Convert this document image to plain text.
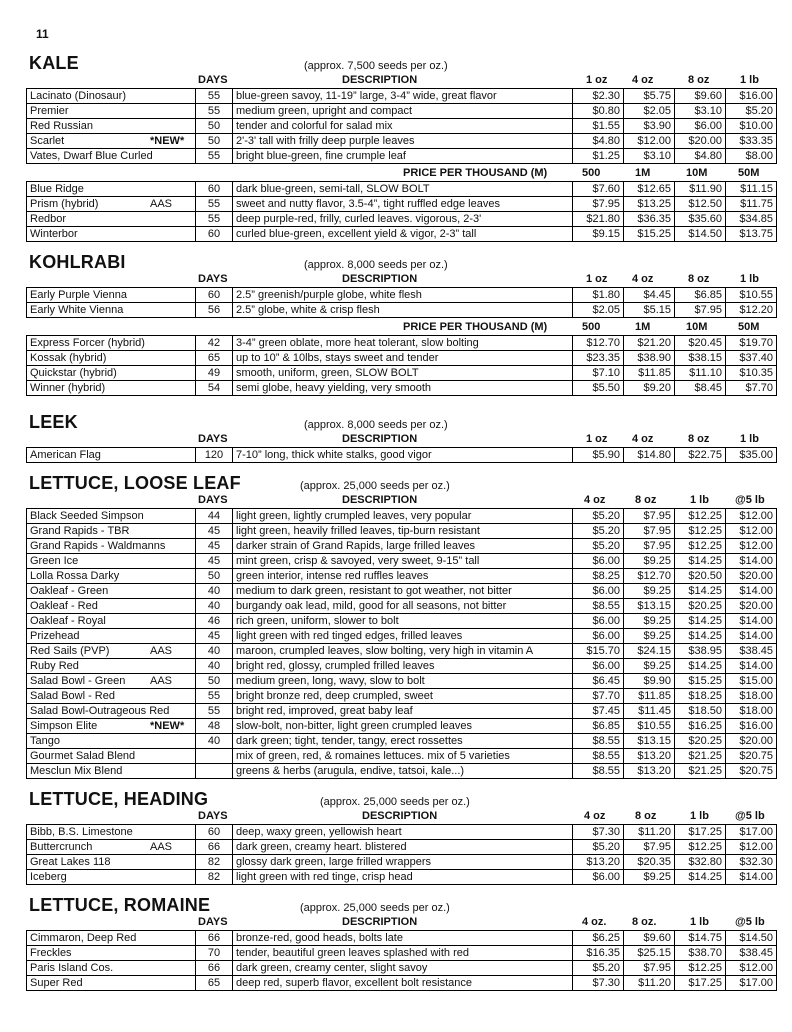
11
KALE	(approx. 7,500 seeds per oz.)
DAYS	DESCRIPTION	1 oz 4 oz	8 oz	1 lb
Lacinato (Dinosaur)	55	blue-green savoy, 11-19” large, 3-4” wide, great flavor	$2.30	$5.75	$9.60	$16.00
Premier	55	medium green, upright and compact	$0.80	$2.05	$3.10	$5.20
Red Russian	50	tender and colorful for salad mix	$1.55	$3.90	$6.00	$10.00
Scarlet *NEW*	50	2'-3' tall with frilly deep purple leaves	$4.80	$12.00	$20.00	$33.35
Vates, Dwarf Blue Curled	55	bright blue-green, fine crumple leaf	$1.25	$3.10	$4.80	$8.00
PRICE PER THOUSAND (M)	500	1M	10M	50M
Blue Ridge	60	dark blue-green, semi-tall, SLOW BOLT	$7.60	$12.65	$11.90	$11.15
Prism (hybrid) AAS	55	sweet and nutty flavor, 3.5-4”, tight ruffled edge leaves	$7.95	$13.25	$12.50	$11.75
Redbor	55	deep purple-red, frilly, curled leaves. vigorous, 2-3'	$21.80	$36.35	$35.60	$34.85
Winterbor	60	curled blue-green, excellent yield & vigor, 2-3” tall	$9.15	$15.25	$14.50	$13.75
KOHLRABI	(approx. 8,000 seeds per oz.)
DAYS	DESCRIPTION	1 oz 4 oz	8 oz	1 lb
Early Purple Vienna	60	2.5” greenish/purple globe, white flesh	$1.80	$4.45	$6.85	$10.55
Early White Vienna	56	2.5” globe, white & crisp flesh	$2.05	$5.15	$7.95	$12.20
PRICE PER THOUSAND (M)	500	1M	10M	50M
Express Forcer (hybrid)	42	3-4” green oblate, more heat tolerant, slow bolting	$12.70	$21.20	$20.45	$19.70
Kossak (hybrid)	65	up to 10” & 10lbs, stays sweet and tender	$23.35	$38.90	$38.15	$37.40
Quickstar (hybrid)	49	smooth, uniform, green, SLOW BOLT	$7.10	$11.85	$11.10	$10.35
Winner (hybrid)	54	semi globe, heavy yielding, very smooth	$5.50	$9.20	$8.45	$7.70
LEEK	(approx. 8,000 seeds per oz.)
DAYS	DESCRIPTION	1 oz 4 oz	8 oz	1 lb
American Flag	120	7-10” long, thick white stalks, good vigor	$5.90	$14.80	$22.75	$35.00
LETTUCE, LOOSE LEAF	(approx. 25,000 seeds per oz.)
DAYS	DESCRIPTION	4 oz	8 oz	1 lb @5 lb
Black Seeded Simpson	44	light green, lightly crumpled leaves, very popular	$5.20	$7.95	$12.25	$12.00
Grand Rapids - TBR	45	light green, heavily frilled leaves, tip-burn resistant	$5.20	$7.95	$12.25	$12.00
Grand Rapids - Waldmanns	45	darker strain of Grand Rapids, large frilled leaves	$5.20	$7.95	$12.25	$12.00
Green Ice	45	mint green, crisp & savoyed, very sweet, 9-15” tall	$6.00	$9.25	$14.25	$14.00
Lolla Rossa Darky	50	green interior, intense red ruffles leaves	$8.25	$12.70	$20.50	$20.00
Oakleaf - Green	40	medium to dark green, resistant to got weather, not bitter	$6.00	$9.25	$14.25	$14.00
Oakleaf - Red	40	burgandy oak lead, mild, good for all seasons, not bitter	$8.55	$13.15	$20.25	$20.00
Oakleaf - Royal	46	rich green, uniform, slower to bolt	$6.00	$9.25	$14.25	$14.00
Prizehead	45	light green with red tinged edges, frilled leaves	$6.00	$9.25	$14.25	$14.00
Red Sails (PVP) AAS	40	maroon, crumpled leaves, slow bolting, very high in vitamin A	$15.70	$24.15	$38.95	$38.45
Ruby Red	40	bright red, glossy, crumpled frilled leaves	$6.00	$9.25	$14.25	$14.00
Salad Bowl - Green AAS	50	medium green, long, wavy, slow to bolt	$6.45	$9.90	$15.25	$15.00
Salad Bowl - Red	55	bright bronze red, deep crumpled, sweet	$7.70	$11.85	$18.25	$18.00
Salad Bowl-Outrageous Red	55	bright red, improved, great baby leaf	$7.45	$11.45	$18.50	$18.00
Simpson Elite *NEW*	48	slow-bolt, non-bitter, light green crumpled leaves	$6.85	$10.55	$16.25	$16.00
Tango	40	dark green; tight, tender, tangy, erect rossettes	$8.55	$13.15	$20.25	$20.00
Gourmet Salad Blend		mix of green, red, & romaines lettuces. mix of 5 varieties	$8.55	$13.20	$21.25	$20.75
Mesclun Mix Blend		greens & herbs (arugula, endive, tatsoi, kale...)	$8.55	$13.20	$21.25	$20.75
LETTUCE, HEADING	(approx. 25,000 seeds per oz.)
DAYS	DESCRIPTION	4 oz	8 oz	1 lb @5 lb
Bibb, B.S. Limestone	60	deep, waxy green, yellowish heart	$7.30	$11.20	$17.25	$17.00
Buttercrunch AAS	66	dark green, creamy heart. blistered	$5.20	$7.95	$12.25	$12.00
Great Lakes 118	82	glossy dark green, large frilled wrappers	$13.20	$20.35	$32.80	$32.30
Iceberg	82	light green with red tinge, crisp head	$6.00	$9.25	$14.25	$14.00
LETTUCE, ROMAINE	(approx. 25,000 seeds per oz.)
DAYS	DESCRIPTION	4 oz. 8 oz.	1 lb @5 lb
Cimmaron, Deep Red	66	bronze-red, good heads, bolts late	$6.25	$9.60	$14.75	$14.50
Freckles	70	tender, beautiful green leaves splashed with red	$16.35	$25.15	$38.70	$38.45
Paris Island Cos.	66	dark green, creamy center, slight savoy	$5.20	$7.95	$12.25	$12.00
Super Red	65	deep red, superb flavor, excellent bolt resistance	$7.30	$11.20	$17.25	$17.00
